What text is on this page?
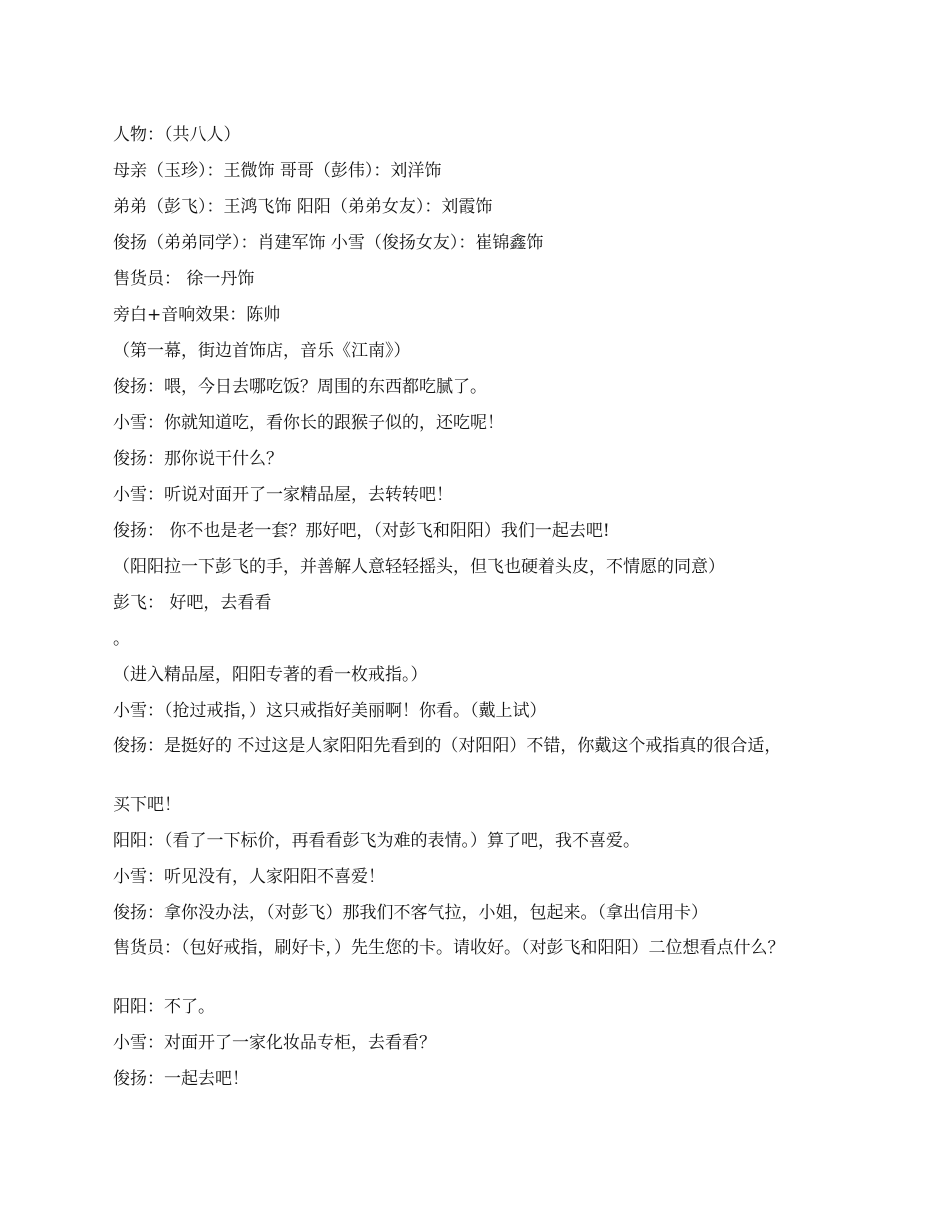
人物：（共八人）

母亲（玉珍）：王微饰 哥哥（彭伟）：刘洋饰

弟弟（彭飞）：王鸿飞饰 阳阳（弟弟女友）：刘霞饰

俊扬（弟弟同学）：肖建军饰 小雪（俊扬女友）：崔锦鑫饰

售货员： 徐一丹饰

旁白+音响效果：陈帅

（第一幕，街边首饰店，音乐《江南》）

俊扬：喂，今日去哪吃饭？周围的东西都吃腻了。

小雪：你就知道吃，看你长的跟猴子似的，还吃呢！

俊扬：那你说干什么？

小雪：听说对面开了一家精品屋，去转转吧！

俊扬： 你不也是老一套？那好吧，（对彭飞和阳阳）我们一起去吧!

（阳阳拉一下彭飞的手，并善解人意轻轻摇头，但飞也硬着头皮，不情愿的同意）

彭飞： 好吧，去看看

。

（进入精品屋，阳阳专著的看一枚戒指。）

小雪：（抢过戒指，）这只戒指好美丽啊！你看。（戴上试）

俊扬：是挺好的 不过这是人家阳阳先看到的（对阳阳）不错，你戴这个戒指真的很合适，

买下吧！

阳阳：（看了一下标价，再看看彭飞为难的表情。）算了吧，我不喜爱。

小雪：听见没有，人家阳阳不喜爱！

俊扬：拿你没办法，（对彭飞）那我们不客气拉，小姐，包起来。（拿出信用卡）

售货员：（包好戒指，刷好卡，）先生您的卡。请收好。（对彭飞和阳阳）二位想看点什么？

阳阳：不了。

小雪：对面开了一家化妆品专柜，去看看？

俊扬：一起去吧！
